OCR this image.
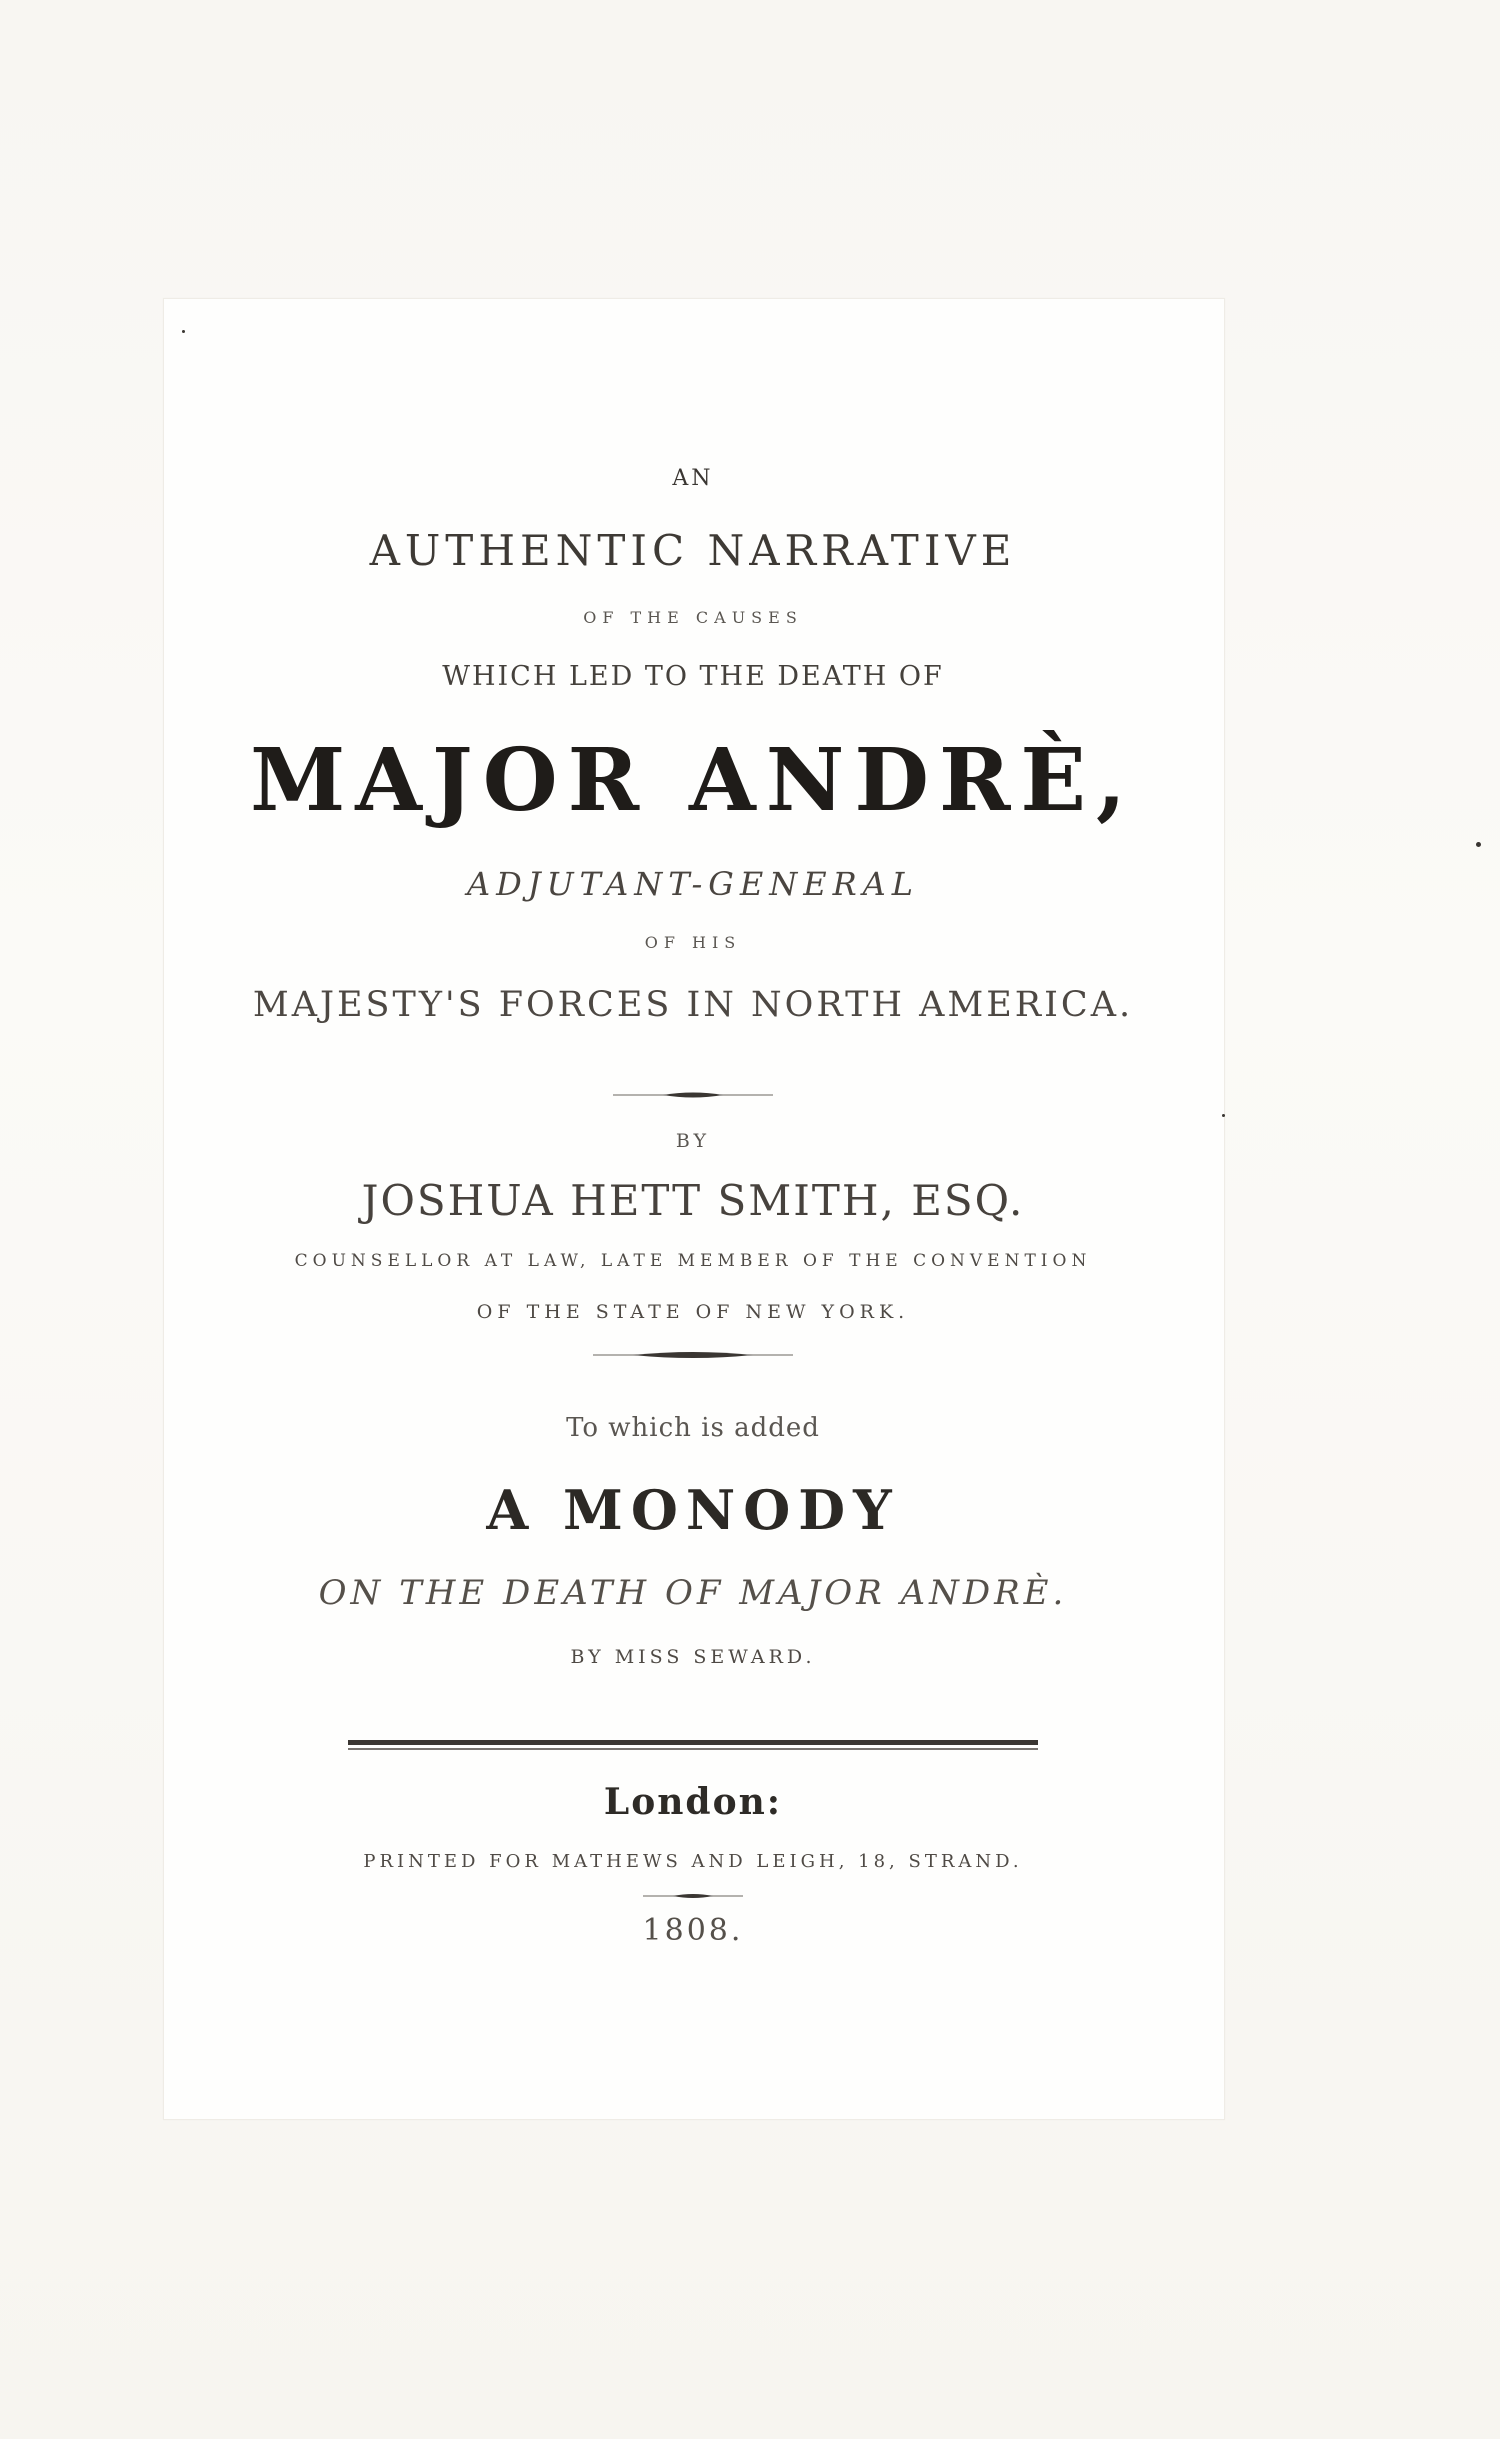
AN
AUTHENTIC NARRATIVE
OF THE CAUSES
WHICH LED TO THE DEATH OF
MAJOR ANDRÈ,
ADJUTANT-GENERAL
OF HIS
MAJESTY'S FORCES IN NORTH AMERICA.
BY
JOSHUA HETT SMITH, ESQ.
COUNSELLOR AT LAW, LATE MEMBER OF THE CONVENTION
OF THE STATE OF NEW YORK.
To which is added
A MONODY
ON THE DEATH OF MAJOR ANDRÈ.
BY MISS SEWARD.
London:
PRINTED FOR MATHEWS AND LEIGH, 18, STRAND.
1808.
